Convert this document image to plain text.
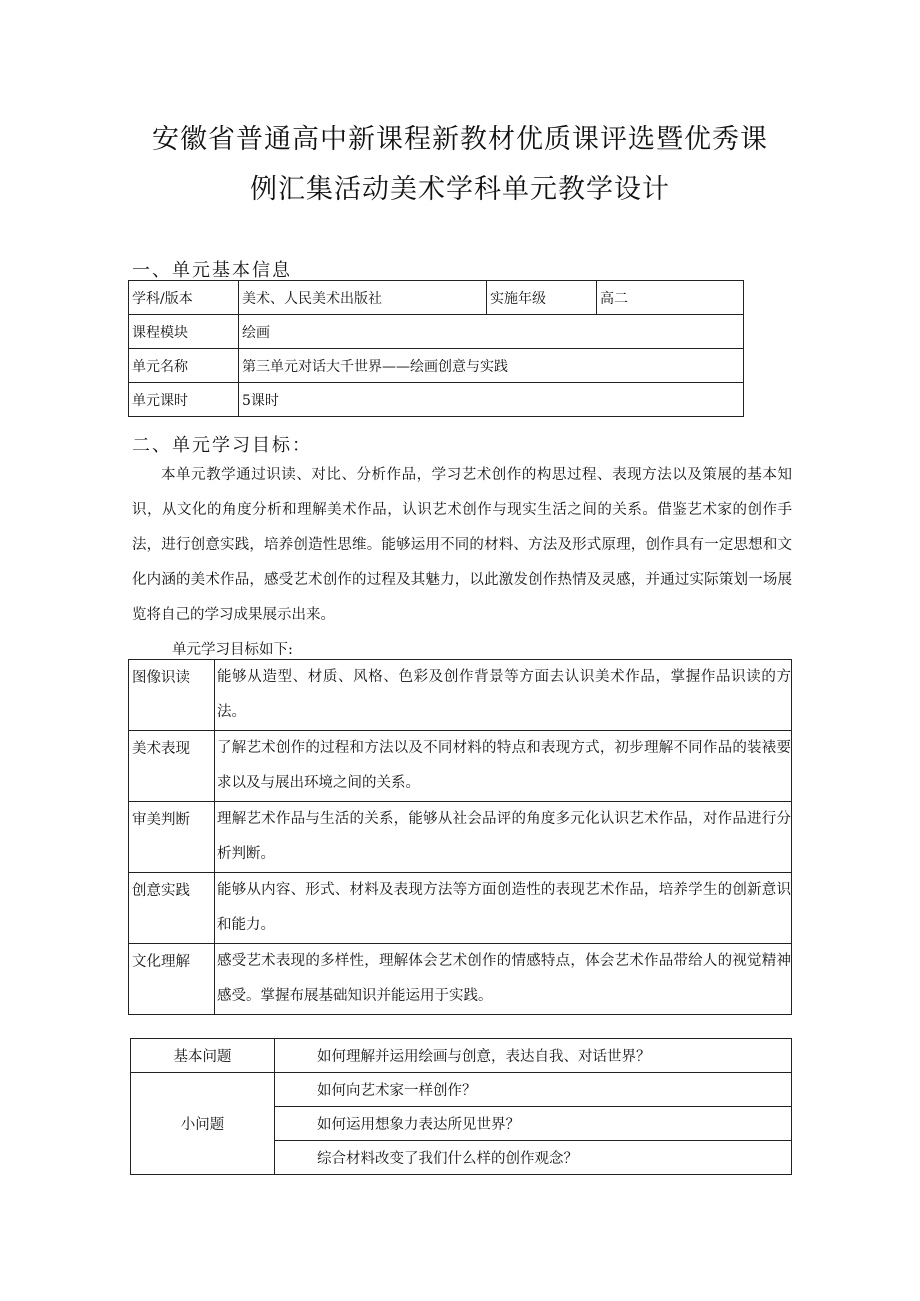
安徽省普通高中新课程新教材优质课评选暨优秀课
例汇集活动美术学科单元教学设计
一、单元基本信息
学科/版本	美术、人民美术出版社	实施年级	高二
课程模块	绘画		
单元名称	第三单元对话大千世界——绘画创意与实践		
单元课时	5课时		
二、单元学习目标：
本单元教学通过识读、对比、分析作品，学习艺术创作的构思过程、表现方法以及策展的基本知识，从文化的角度分析和理解美术作品，认识艺术创作与现实生活之间的关系。借鉴艺术家的创作手法，进行创意实践，培养创造性思维。能够运用不同的材料、方法及形式原理，创作具有一定思想和文化内涵的美术作品，感受艺术创作的过程及其魅力，以此激发创作热情及灵感，并通过实际策划一场展览将自己的学习成果展示出来。
单元学习目标如下:
图像识读	能够从造型、材质、风格、色彩及创作背景等方面去认识美术作品，掌握作品识读的方法。
美术表现	了解艺术创作的过程和方法以及不同材料的特点和表现方式，初步理解不同作品的装裱要求以及与展出环境之间的关系。
审美判断	理解艺术作品与生活的关系，能够从社会品评的角度多元化认识艺术作品，对作品进行分析判断。
创意实践	能够从内容、形式、材料及表现方法等方面创造性的表现艺术作品，培养学生的创新意识和能力。
文化理解	感受艺术表现的多样性，理解体会艺术创作的情感特点，体会艺术作品带给人的视觉精神感受。掌握布展基础知识并能运用于实践。
基本问题	如何理解并运用绘画与创意，表达自我、对话世界？
小问题	如何向艺术家一样创作？
	如何运用想象力表达所见世界？
	综合材料改变了我们什么样的创作观念？
